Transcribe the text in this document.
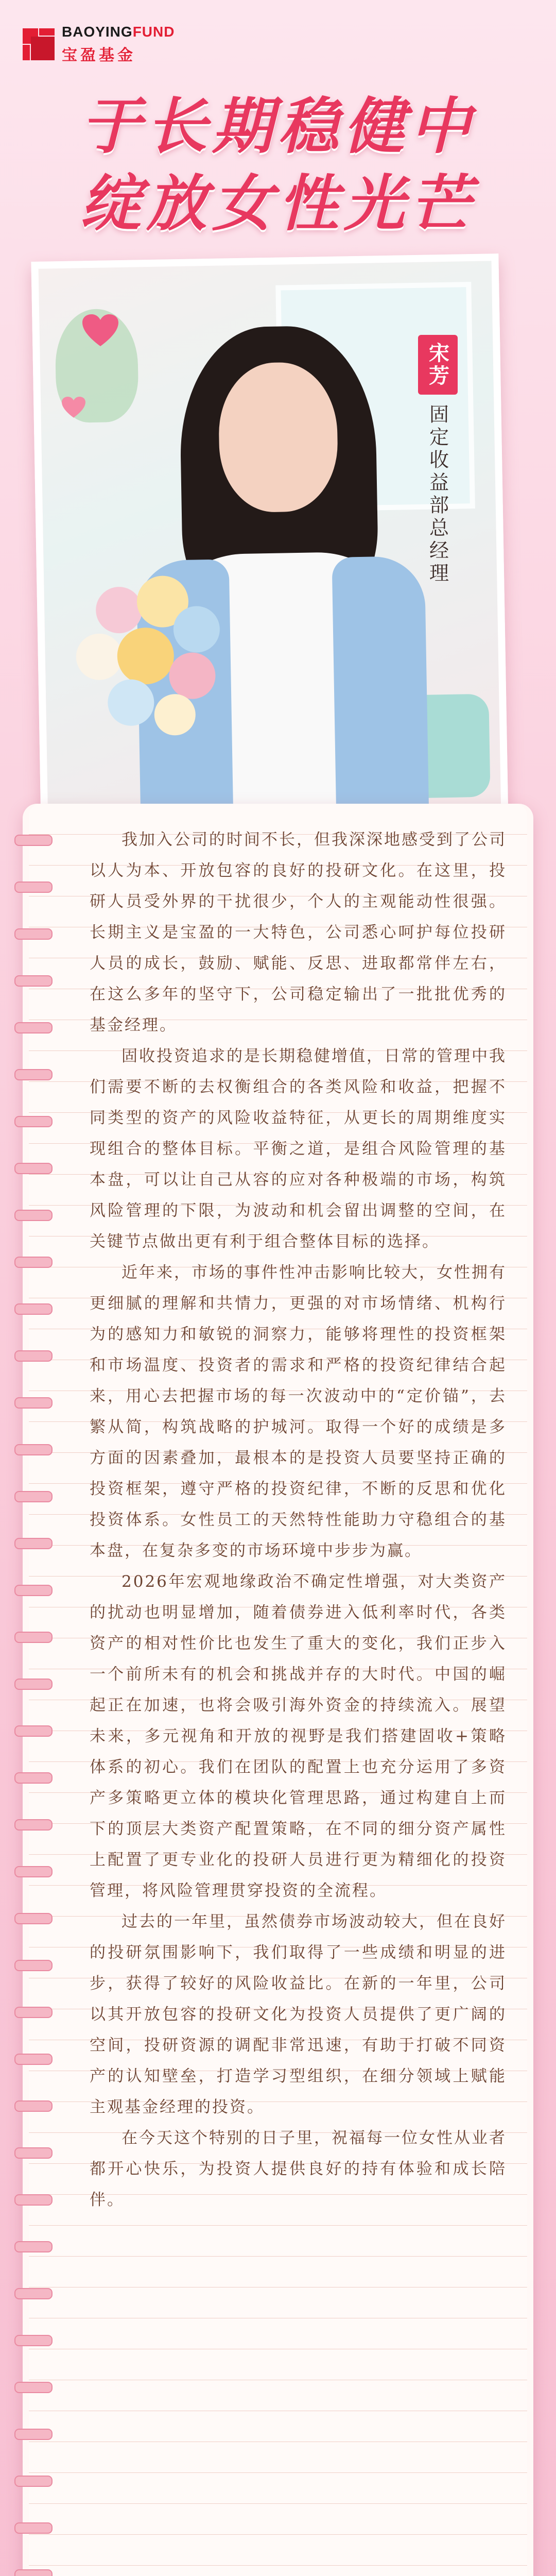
BAOYINGFUND
宝盈基金
于长期稳健中
绽放女性光芒
宋芳
固定收益部总经理

我加入公司的时间不长，但我深深地感受到了公司以人为本、开放包容的良好的投研文化。在这里，投研人员受外界的干扰很少，个人的主观能动性很强。长期主义是宝盈的一大特色，公司悉心呵护每位投研人员的成长，鼓励、赋能、反思、进取都常伴左右，在这么多年的坚守下，公司稳定输出了一批批优秀的基金经理。

固收投资追求的是长期稳健增值，日常的管理中我们需要不断的去权衡组合的各类风险和收益，把握不同类型的资产的风险收益特征，从更长的周期维度实现组合的整体目标。平衡之道，是组合风险管理的基本盘，可以让自己从容的应对各种极端的市场，构筑风险管理的下限，为波动和机会留出调整的空间，在关键节点做出更有利于组合整体目标的选择。

近年来，市场的事件性冲击影响比较大，女性拥有更细腻的理解和共情力，更强的对市场情绪、机构行为的感知力和敏锐的洞察力，能够将理性的投资框架和市场温度、投资者的需求和严格的投资纪律结合起来，用心去把握市场的每一次波动中的“定价锚”，去繁从简，构筑战略的护城河。取得一个好的成绩是多方面的因素叠加，最根本的是投资人员要坚持正确的投资框架，遵守严格的投资纪律，不断的反思和优化投资体系。女性员工的天然特性能助力守稳组合的基本盘，在复杂多变的市场环境中步步为赢。

2026年宏观地缘政治不确定性增强，对大类资产的扰动也明显增加，随着债券进入低利率时代，各类资产的相对性价比也发生了重大的变化，我们正步入一个前所未有的机会和挑战并存的大时代。中国的崛起正在加速，也将会吸引海外资金的持续流入。展望未来，多元视角和开放的视野是我们搭建固收+策略体系的初心。我们在团队的配置上也充分运用了多资产多策略更立体的模块化管理思路，通过构建自上而下的顶层大类资产配置策略，在不同的细分资产属性上配置了更专业化的投研人员进行更为精细化的投资管理，将风险管理贯穿投资的全流程。

过去的一年里，虽然债券市场波动较大，但在良好的投研氛围影响下，我们取得了一些成绩和明显的进步，获得了较好的风险收益比。在新的一年里，公司以其开放包容的投研文化为投资人员提供了更广阔的空间，投研资源的调配非常迅速，有助于打破不同资产的认知壁垒，打造学习型组织，在细分领域上赋能主观基金经理的投资。

在今天这个特别的日子里，祝福每一位女性从业者都开心快乐，为投资人提供良好的持有体验和成长陪伴。
